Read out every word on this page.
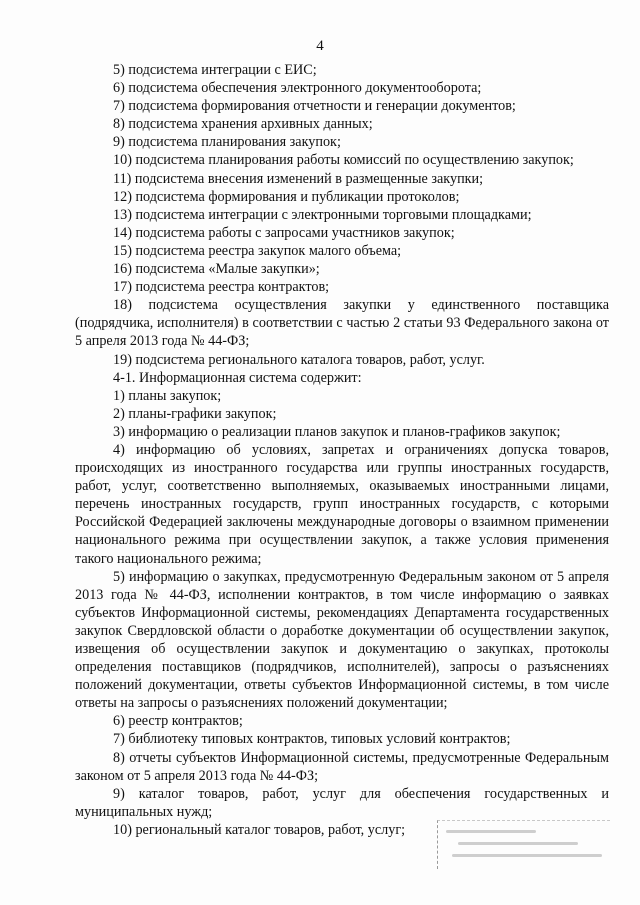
4

5) подсистема интеграции с ЕИС;

6) подсистема обеспечения электронного документооборота;

7) подсистема формирования отчетности и генерации документов;

8) подсистема хранения архивных данных;

9) подсистема планирования закупок;

10) подсистема планирования работы комиссий по осуществлению закупок;

11) подсистема внесения изменений в размещенные закупки;

12) подсистема формирования и публикации протоколов;

13) подсистема интеграции с электронными торговыми площадками;

14) подсистема работы с запросами участников закупок;

15) подсистема реестра закупок малого объема;

16) подсистема «Малые закупки»;

17) подсистема реестра контрактов;

18) подсистема осуществления закупки у единственного поставщика (подрядчика, исполнителя) в соответствии с частью 2 статьи 93 Федерального закона от 5 апреля 2013 года № 44-ФЗ;

19) подсистема регионального каталога товаров, работ, услуг.

4-1. Информационная система содержит:

1) планы закупок;

2) планы-графики закупок;

3) информацию о реализации планов закупок и планов-графиков закупок;

4) информацию об условиях, запретах и ограничениях допуска товаров, происходящих из иностранного государства или группы иностранных государств, работ, услуг, соответственно выполняемых, оказываемых иностранными лицами, перечень иностранных государств, групп иностранных государств, с которыми Российской Федерацией заключены международные договоры о взаимном применении национального режима при осуществлении закупок, а также условия применения такого национального режима;

5) информацию о закупках, предусмотренную Федеральным законом от 5 апреля 2013 года № 44-ФЗ, исполнении контрактов, в том числе информацию о заявках субъектов Информационной системы, рекомендациях Департамента государственных закупок Свердловской области о доработке документации об осуществлении закупок, извещения об осуществлении закупок и документацию о закупках, протоколы определения поставщиков (подрядчиков, исполнителей), запросы о разъяснениях положений документации, ответы субъектов Информационной системы, в том числе ответы на запросы о разъяснениях положений документации;

6) реестр контрактов;

7) библиотеку типовых контрактов, типовых условий контрактов;

8) отчеты субъектов Информационной системы, предусмотренные Федеральным законом от 5 апреля 2013 года № 44-ФЗ;

9) каталог товаров, работ, услуг для обеспечения государственных и муниципальных нужд;

10) региональный каталог товаров, работ, услуг;
